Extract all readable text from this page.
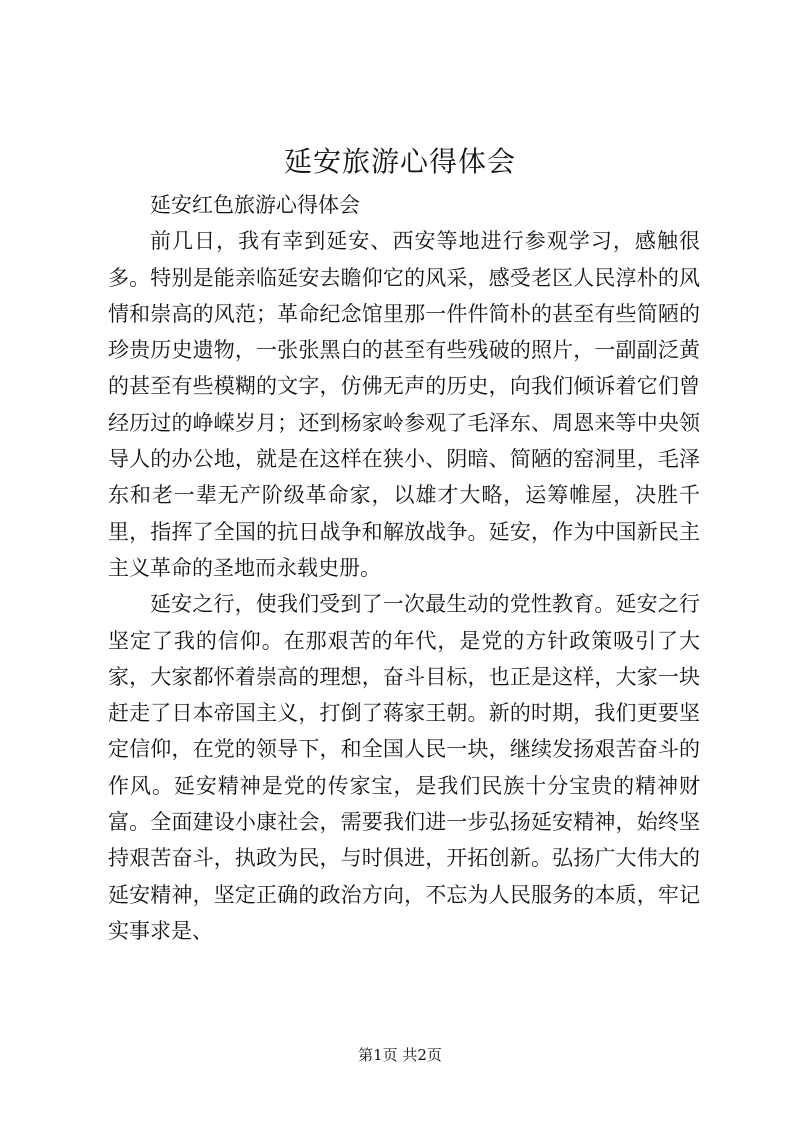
延安旅游心得体会

延安红色旅游心得体会

前几日，我有幸到延安、西安等地进行参观学习，感触很多。特别是能亲临延安去瞻仰它的风采，感受老区人民淳朴的风情和崇高的风范；革命纪念馆里那一件件简朴的甚至有些简陋的珍贵历史遗物，一张张黑白的甚至有些残破的照片，一副副泛黄的甚至有些模糊的文字，仿佛无声的历史，向我们倾诉着它们曾经历过的峥嵘岁月；还到杨家岭参观了毛泽东、周恩来等中央领导人的办公地，就是在这样在狭小、阴暗、简陋的窑洞里，毛泽东和老一辈无产阶级革命家，以雄才大略，运筹帷屋，决胜千里，指挥了全国的抗日战争和解放战争。延安，作为中国新民主主义革命的圣地而永载史册。

延安之行，使我们受到了一次最生动的党性教育。延安之行坚定了我的信仰。在那艰苦的年代，是党的方针政策吸引了大家，大家都怀着崇高的理想，奋斗目标，也正是这样，大家一块赶走了日本帝国主义，打倒了蒋家王朝。新的时期，我们更要坚定信仰，在党的领导下，和全国人民一块，继续发扬艰苦奋斗的作风。延安精神是党的传家宝，是我们民族十分宝贵的精神财富。全面建设小康社会，需要我们进一步弘扬延安精神，始终坚持艰苦奋斗，执政为民，与时俱进，开拓创新。弘扬广大伟大的延安精神，坚定正确的政治方向，不忘为人民服务的本质，牢记实事求是、

第1页 共2页
